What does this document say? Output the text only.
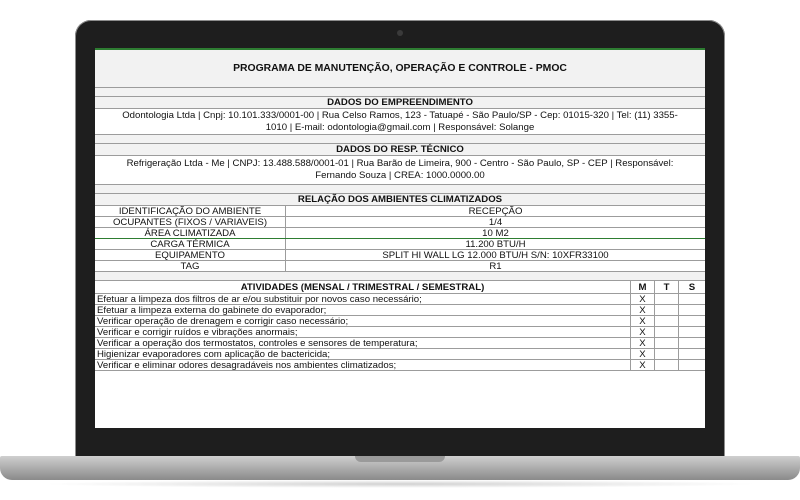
PROGRAMA DE MANUTENÇÃO, OPERAÇÃO E CONTROLE - PMOC
DADOS DO EMPREENDIMENTO
Odontologia Ltda | Cnpj: 10.101.333/0001-00 | Rua Celso Ramos, 123 - Tatuapé - São Paulo/SP - Cep: 01015-320 | Tel: (11) 3355-
1010 | E-mail: odontologia@gmail.com | Responsável: Solange
DADOS DO RESP. TÉCNICO
Refrigeração Ltda - Me | CNPJ: 13.488.588/0001-01 | Rua Barão de Limeira, 900 - Centro - São Paulo, SP - CEP | Responsável:
Fernando Souza | CREA: 1000.0000.00
RELAÇÃO DOS AMBIENTES CLIMATIZADOS
IDENTIFICAÇÃO DO AMBIENTE	RECEPÇÃO
OCUPANTES (FIXOS / VARIAVEIS)	1/4
ÁREA CLIMATIZADA	10 M2
CARGA TÉRMICA	11.200 BTU/H
EQUIPAMENTO	SPLIT HI WALL LG 12.000 BTU/H S/N: 10XFR33100
TAG	R1
ATIVIDADES (MENSAL / TRIMESTRAL / SEMESTRAL)	M	T	S
Efetuar a limpeza dos filtros de ar e/ou substituir por novos caso necessário;	X
Efetuar a limpeza externa do gabinete do evaporador;	X
Verificar operação de drenagem e corrigir caso necessário;	X
Verificar e corrigir ruídos e vibrações anormais;	X
Verificar a operação dos termostatos, controles e sensores de temperatura;	X
Higienizar evaporadores com aplicação de bactericida;	X
Verificar e eliminar odores desagradáveis nos ambientes climatizados;	X
